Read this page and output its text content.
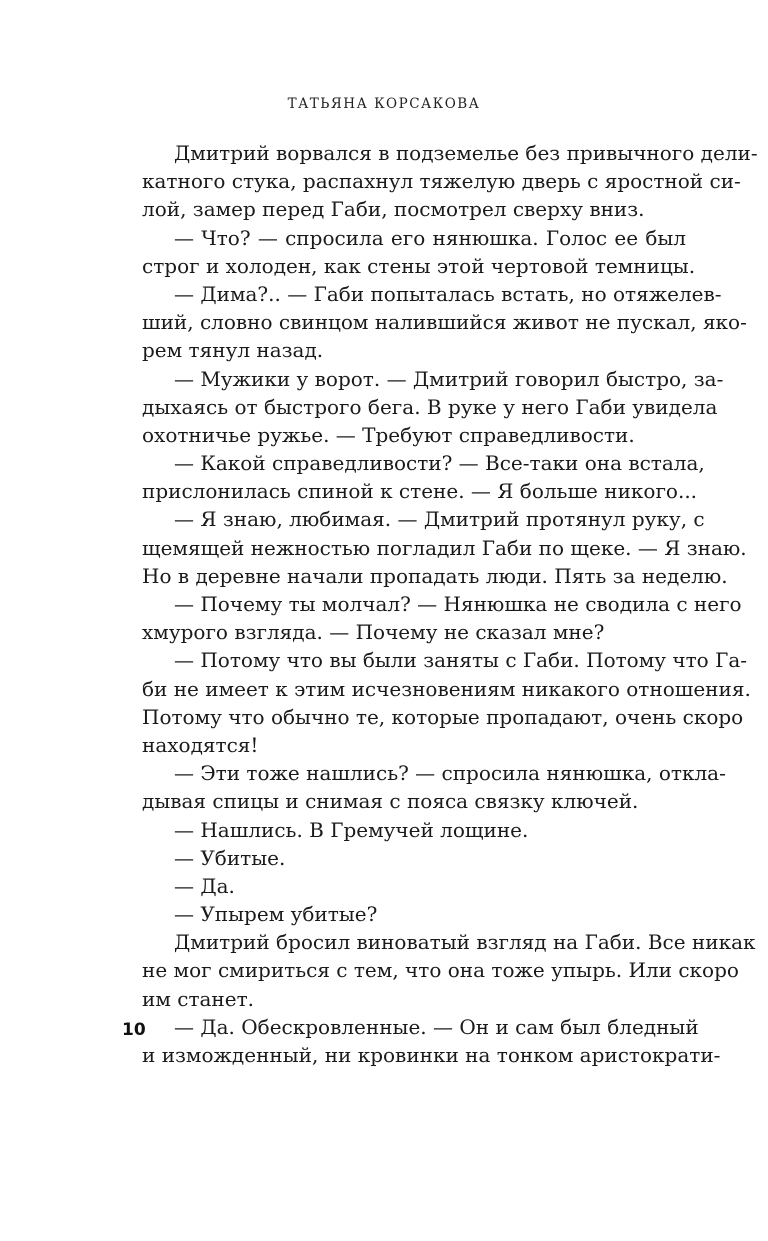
ТАТЬЯНА КОРСАКОВА
Дмитрий ворвался в подземелье без привычного дели-
катного стука, распахнул тяжелую дверь с яростной си-
лой, замер перед Габи, посмотрел сверху вниз.
— Что? — спросила его нянюшка. Голос ее был
строг и холоден, как стены этой чертовой темницы.
— Дима?.. — Габи попыталась встать, но отяжелев-
ший, словно свинцом налившийся живот не пускал, яко-
рем тянул назад.
— Мужики у ворот. — Дмитрий говорил быстро, за-
дыхаясь от быстрого бега. В руке у него Габи увидела
охотничье ружье. — Требуют справедливости.
— Какой справедливости? — Все-таки она встала,
прислонилась спиной к стене. — Я больше никого...
— Я знаю, любимая. — Дмитрий протянул руку, с
щемящей нежностью погладил Габи по щеке. — Я знаю.
Но в деревне начали пропадать люди. Пять за неделю.
— Почему ты молчал? — Нянюшка не сводила с него
хмурого взгляда. — Почему не сказал мне?
— Потому что вы были заняты с Габи. Потому что Га-
би не имеет к этим исчезновениям никакого отношения.
Потому что обычно те, которые пропадают, очень скоро
находятся!
— Эти тоже нашлись? — спросила нянюшка, откла-
дывая спицы и снимая с пояса связку ключей.
— Нашлись. В Гремучей лощине.
— Убитые.
— Да.
— Упырем убитые?
Дмитрий бросил виноватый взгляд на Габи. Все никак
не мог смириться с тем, что она тоже упырь. Или скоро
им станет.
— Да. Обескровленные. — Он и сам был бледный
и изможденный, ни кровинки на тонком аристократи-
10
